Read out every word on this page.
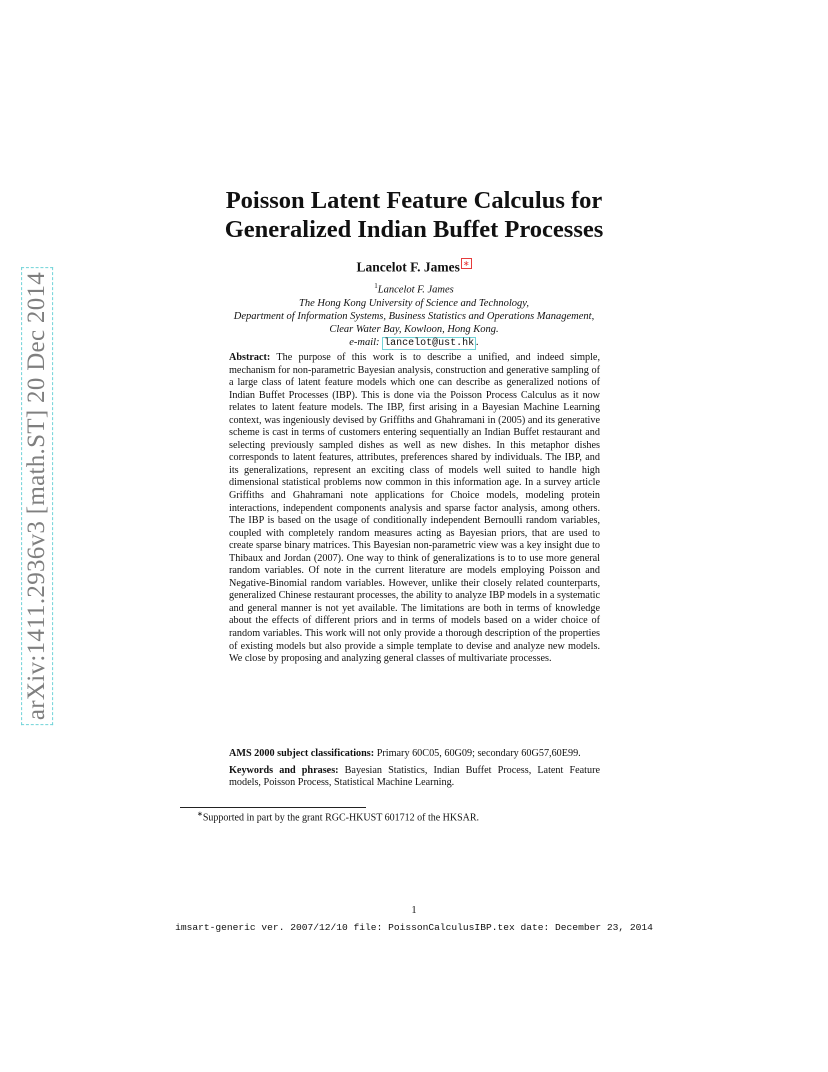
arXiv:1411.2936v3 [math.ST] 20 Dec 2014
Poisson Latent Feature Calculus for
Generalized Indian Buffet Processes
Lancelot F. James ∗
$^1$Lancelot F. James
The Hong Kong University of Science and Technology,
Department of Information Systems, Business Statistics and Operations Management,
Clear Water Bay, Kowloon, Hong Kong.
e-mail: lancelot@ust.hk .

Abstract: The purpose of this work is to describe a unified, and indeed simple, mechanism for non-parametric Bayesian analysis, construction and generative sampling of a large class of latent feature models which one can describe as generalized notions of Indian Buffet Processes (IBP). This is done via the Poisson Process Calculus as it now relates to latent feature models. The IBP, first arising in a Bayesian Machine Learning context, was ingeniously devised by Griffiths and Ghahramani in (2005) and its generative scheme is cast in terms of customers entering sequentially an Indian Buffet restaurant and selecting previously sampled dishes as well as new dishes. In this metaphor dishes corresponds to latent features, attributes, preferences shared by individuals. The IBP, and its generalizations, represent an exciting class of models well suited to handle high dimensional statistical problems now common in this information age. In a survey article Griffiths and Ghahramani note applications for Choice models, modeling protein interactions, independent components analysis and sparse factor analysis, among others. The IBP is based on the usage of conditionally independent Bernoulli random variables, coupled with completely random measures acting as Bayesian priors, that are used to create sparse binary matrices. This Bayesian non-parametric view was a key insight due to Thibaux and Jordan (2007). One way to think of generalizations is to to use more general random variables. Of note in the current literature are models employing Poisson and Negative-Binomial random variables. However, unlike their closely related counterparts, generalized Chinese restaurant processes, the ability to analyze IBP models in a systematic and general manner is not yet available. The limitations are both in terms of knowledge about the effects of different priors and in terms of models based on a wider choice of random variables. This work will not only provide a thorough description of the properties of existing models but also provide a simple template to devise and analyze new models. We close by proposing and analyzing general classes of multivariate processes.

AMS 2000 subject classifications: Primary 60C05, 60G09; secondary 60G57,60E99.

Keywords and phrases: Bayesian Statistics, Indian Buffet Process, Latent Feature models, Poisson Process, Statistical Machine Learning.

∗Supported in part by the grant RGC-HKUST 601712 of the HKSAR.
1
imsart-generic ver. 2007/12/10 file: PoissonCalculusIBP.tex date: December 23, 2014
